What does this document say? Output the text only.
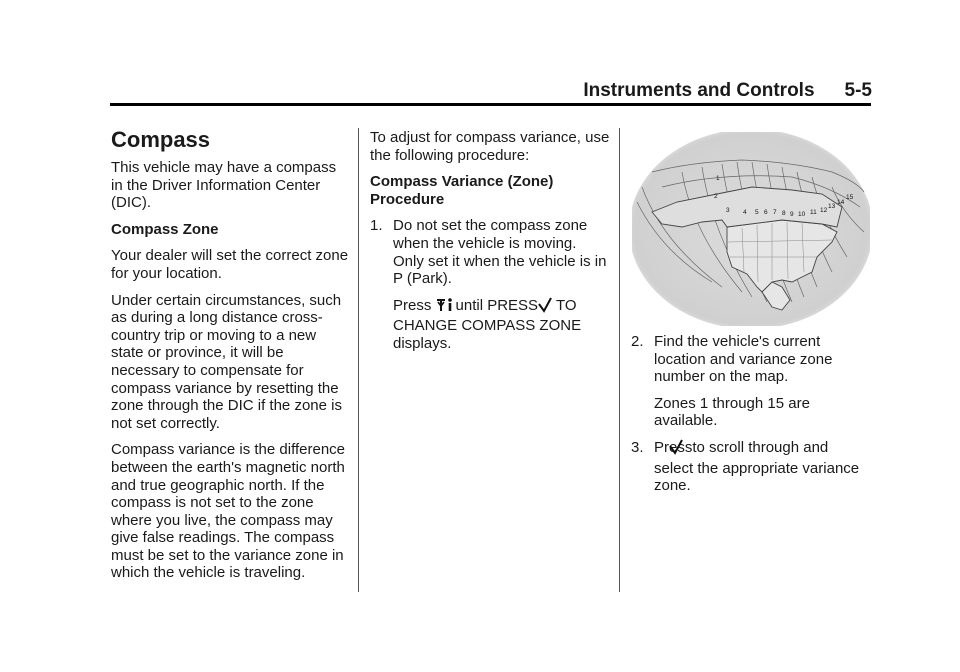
Instruments and Controls 5-5
Compass

This vehicle may have a compass in the Driver Information Center (DIC).

Compass Zone

Your dealer will set the correct zone for your location.

Under certain circumstances, such as during a long distance cross-country trip or moving to a new state or province, it will be necessary to compensate for compass variance by resetting the zone through the DIC if the zone is not set correctly.

Compass variance is the difference between the earth's magnetic north and true geographic north. If the compass is not set to the zone where you live, the compass may give false readings. The compass must be set to the variance zone in which the vehicle is traveling.

To adjust for compass variance, use the following procedure:

Compass Variance (Zone) Procedure

1. Do not set the compass zone when the vehicle is moving. Only set it when the vehicle is in P (Park).

Press until PRESS TO CHANGE COMPASS ZONE displays.

1
2
3 4 5 6 7 8 9 10 11 12
13
14
15

2. Find the vehicle's current location and variance zone number on the map.

Zones 1 through 15 are available.

3. Pressto scroll through and select the appropriate variance zone.
